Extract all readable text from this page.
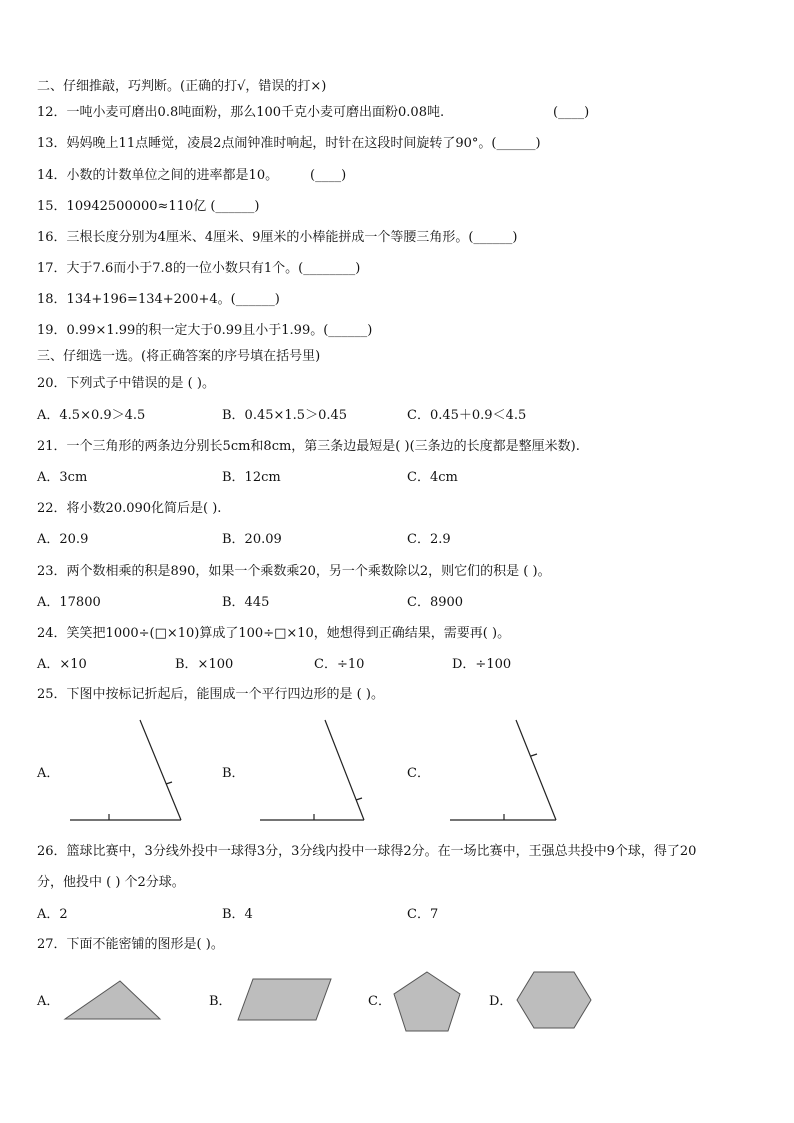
二、仔细推敲，巧判断。(正确的打√，错误的打×)
12．一吨小麦可磨出0.8吨面粉，那么100千克小麦可磨出面粉0.08吨.	(____)
13．妈妈晚上11点睡觉，凌晨2点闹钟准时响起，时针在这段时间旋转了90°。(______)
14．小数的计数单位之间的进率都是10。 (____)
15．10942500000≈110亿 (______)
16．三根长度分别为4厘米、4厘米、9厘米的小棒能拼成一个等腰三角形。(______)
17．大于7.6而小于7.8的一位小数只有1个。(________)
18．134+196=134+200+4。(______)
19．0.99×1.99的积一定大于0.99且小于1.99。(______)
三、仔细选一选。(将正确答案的序号填在括号里)
20．下列式子中错误的是 ( )。
A．4.5×0.9＞4.5	B．0.45×1.5＞0.45	C．0.45＋0.9＜4.5
21．一个三角形的两条边分别长5cm和8cm，第三条边最短是( )(三条边的长度都是整厘米数).
A．3cm	B．12cm	C．4cm
22．将小数20.090化简后是( ).
A．20.9	B．20.09	C．2.9
23．两个数相乘的积是890，如果一个乘数乘20，另一个乘数除以2，则它们的积是 ( )。
A．17800	B．445	C．8900
24．笑笑把1000÷(□×10)算成了100÷□×10，她想得到正确结果，需要再( )。
A．×10	B．×100	C．÷10	D．÷100
25．下图中按标记折起后，能围成一个平行四边形的是 ( )。
A．	B．	C．
26．篮球比赛中，3分线外投中一球得3分，3分线内投中一球得2分。在一场比赛中，王强总共投中9个球，得了20
分，他投中 ( ) 个2分球。
A．2	B．4	C．7
27．下面不能密铺的图形是( )。
A．	B．	C．	D．
